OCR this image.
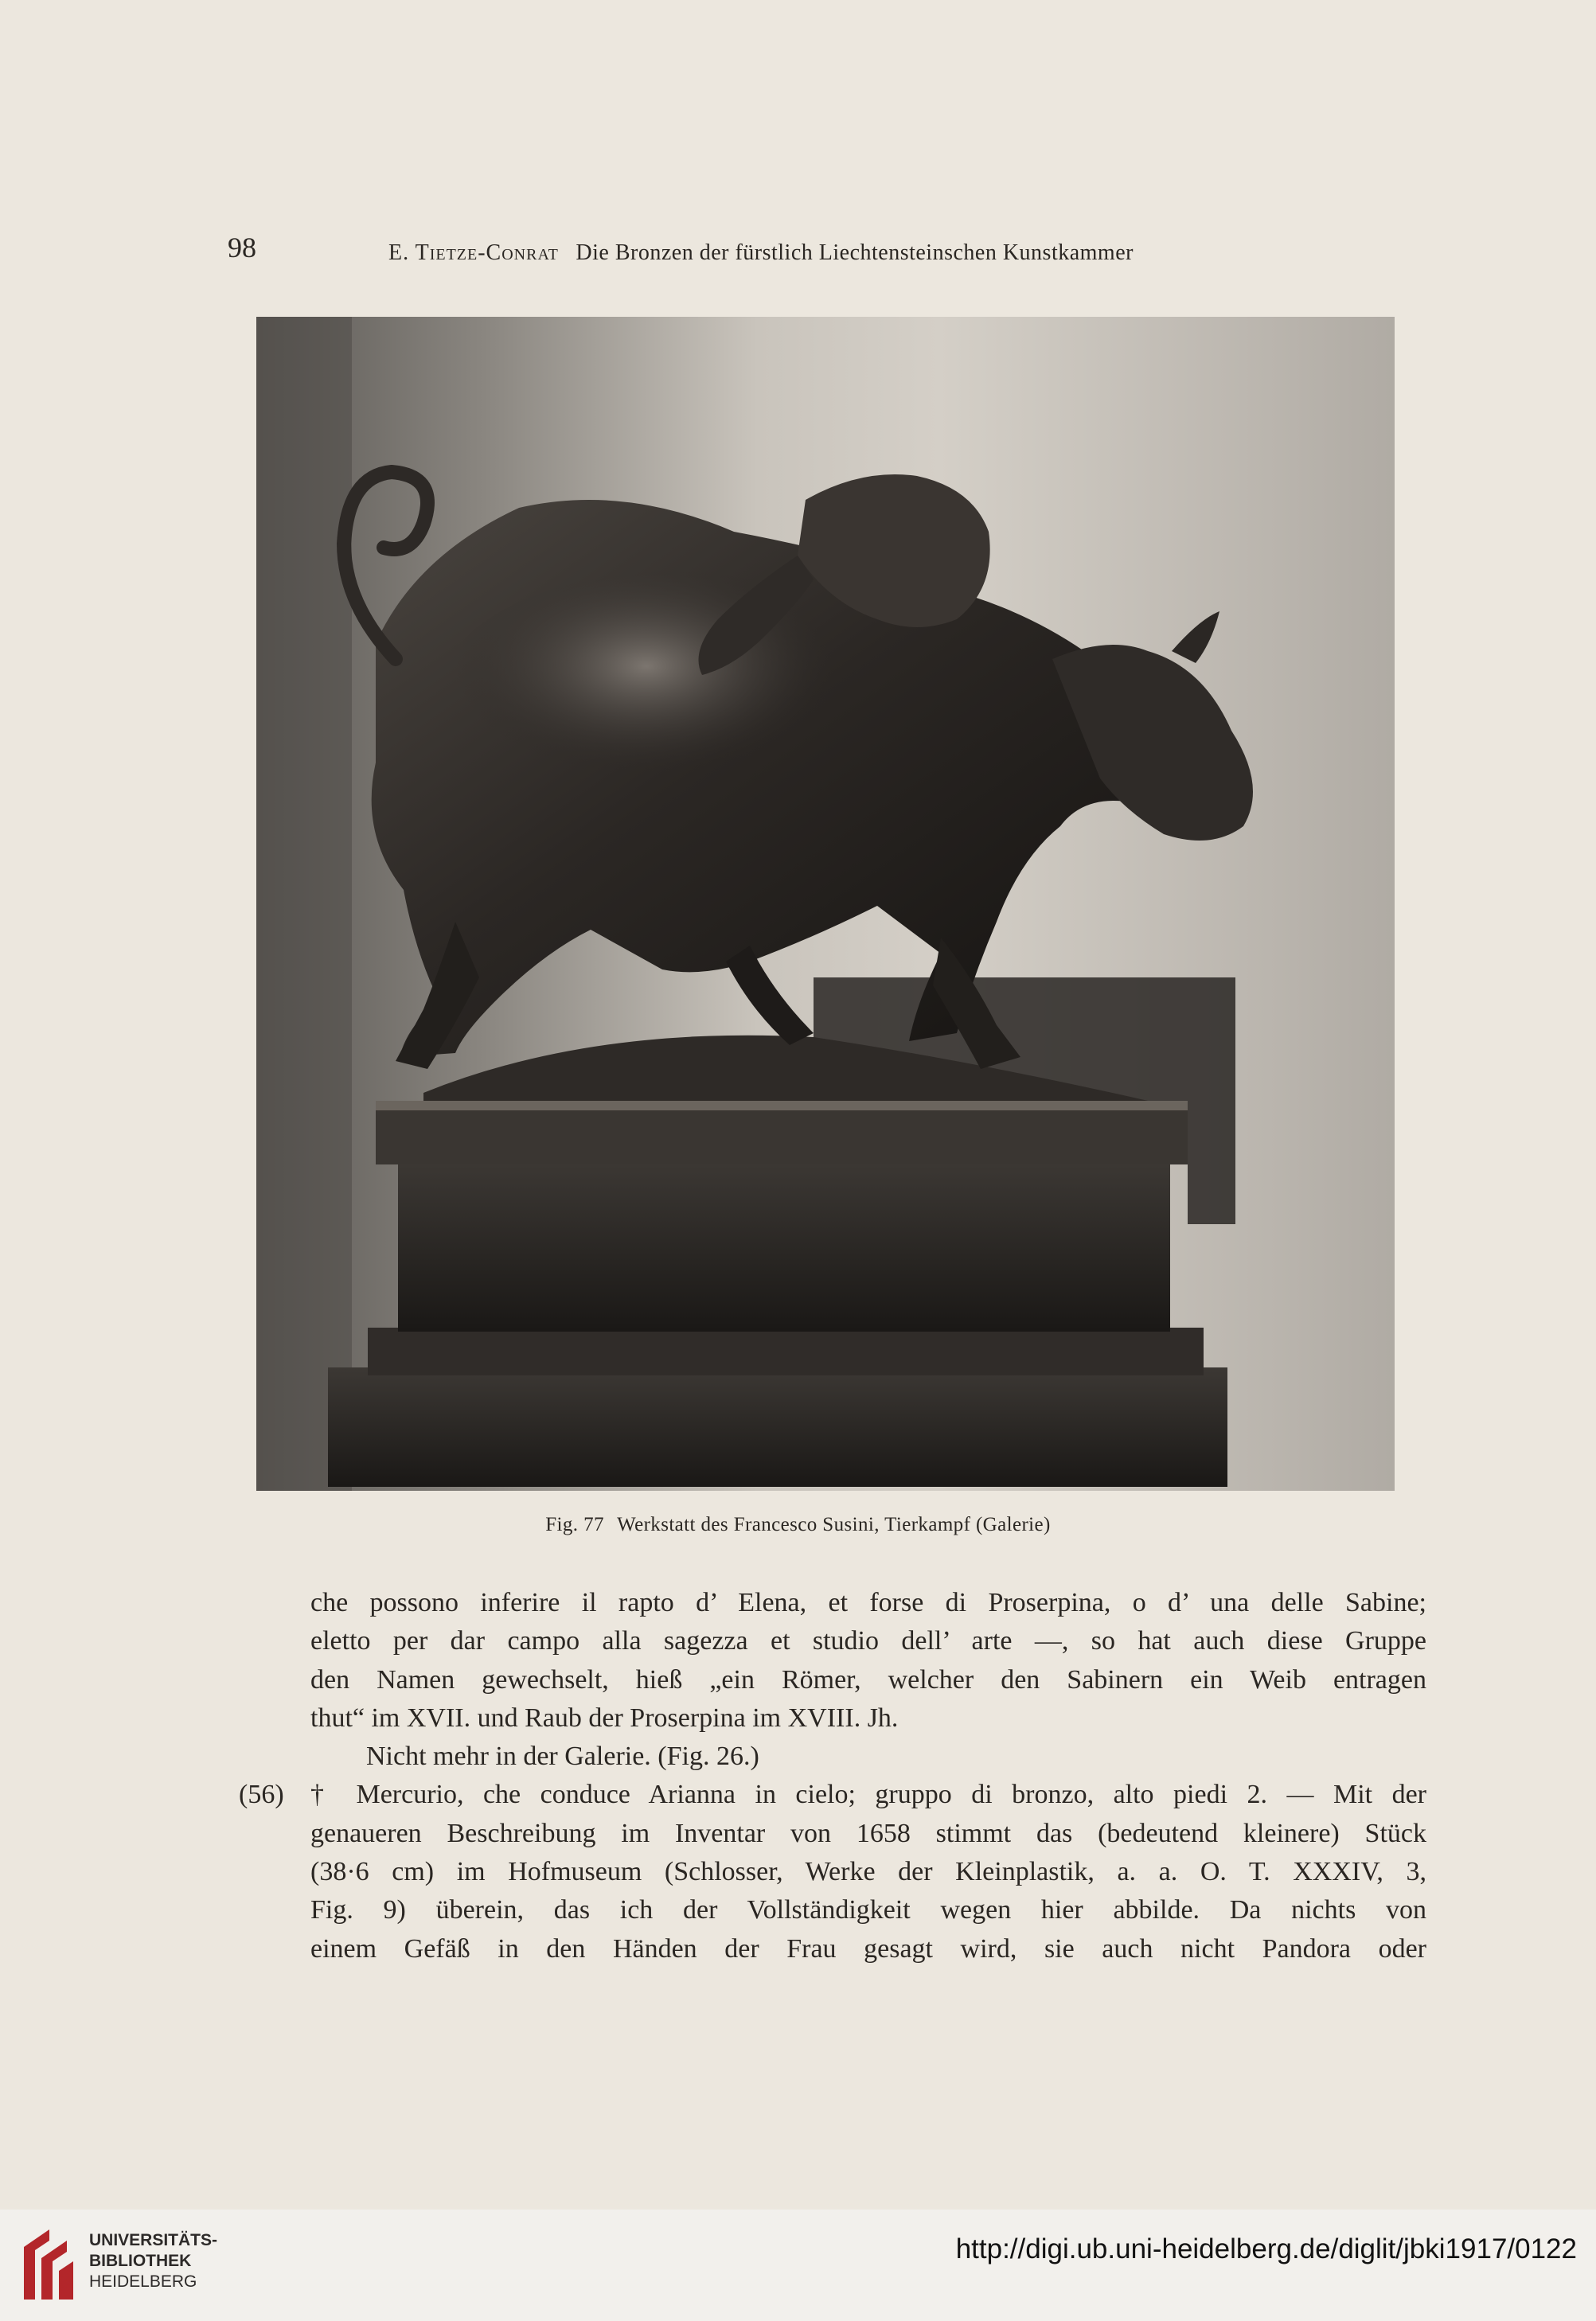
98	E. Tietze-Conrat Die Bronzen der fürstlich Liechtensteinschen Kunstkammer
Fig. 77 Werkstatt des Francesco Susini, Tierkampf (Galerie)
che possono inferire il rapto d’ Elena, et forse di Proserpina, o d’ una delle Sabine;
eletto per dar campo alla sagezza et studio dell’ arte —, so hat auch diese Gruppe
den Namen gewechselt, hieß „ein Römer, welcher den Sabinern ein Weib entragen
thut“ im XVII. und Raub der Proserpina im XVIII. Jh.
Nicht mehr in der Galerie. (Fig. 26.)
(56) † Mercurio, che conduce Arianna in cielo; gruppo di bronzo, alto piedi 2. — Mit der
genaueren Beschreibung im Inventar von 1658 stimmt das (bedeutend kleinere) Stück
(38·6 cm) im Hofmuseum (Schlosser, Werke der Kleinplastik, a. a. O. T. XXXIV, 3,
Fig. 9) überein, das ich der Vollständigkeit wegen hier abbilde. Da nichts von
einem Gefäß in den Händen der Frau gesagt wird, sie auch nicht Pandora oder
UNIVERSITÄTS-
BIBLIOTHEK
HEIDELBERG
http://digi.ub.uni-heidelberg.de/diglit/jbki1917/0122
